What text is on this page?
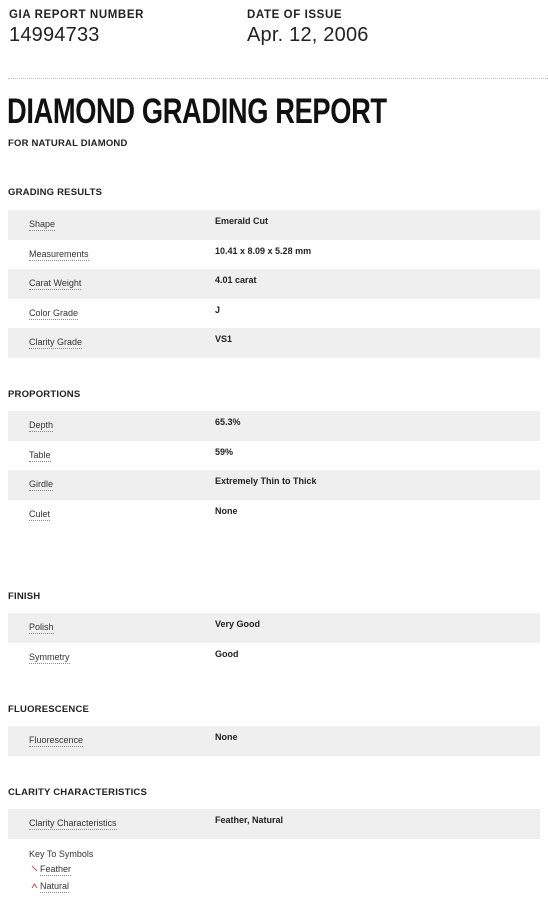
GIA REPORT NUMBER
14994733
DATE OF ISSUE
Apr. 12, 2006
DIAMOND GRADING REPORT
FOR NATURAL DIAMOND
GRADING RESULTS
Shape	Emerald Cut
Measurements	10.41 x 8.09 x 5.28 mm
Carat Weight	4.01 carat
Color Grade	J
Clarity Grade	VS1
PROPORTIONS
Depth	65.3%
Table	59%
Girdle	Extremely Thin to Thick
Culet	None
FINISH
Polish	Very Good
Symmetry	Good
FLUORESCENCE
Fluorescence	None
CLARITY CHARACTERISTICS
Clarity Characteristics	Feather, Natural
Key To Symbols
Feather
Natural
